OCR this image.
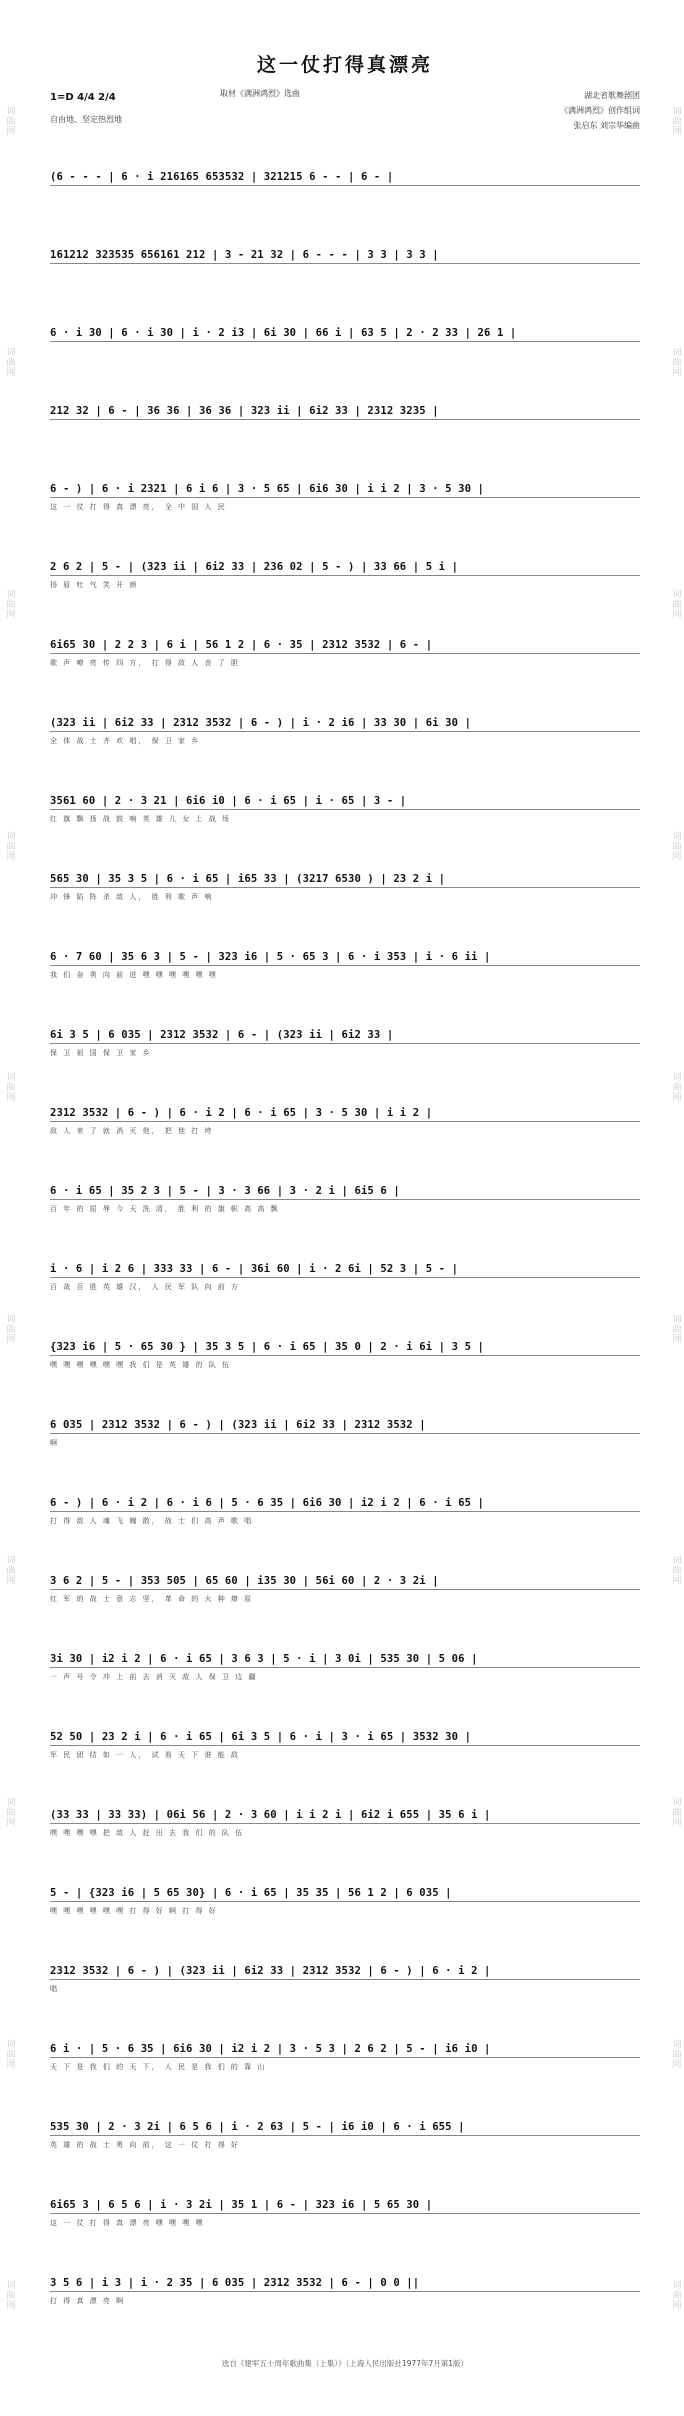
词曲网
词曲网
词曲网
词曲网
词曲网
词曲网
词曲网
词曲网
词曲网
词曲网
词曲网
词曲网
词曲网
词曲网
词曲网
词曲网
词曲网
词曲网
词曲网
词曲网
这一仗打得真漂亮
1=D 4/4 2/4	取材《满洲鸿烈》选曲	湖北省歌舞剧团
《满洲鸿烈》创作组词
张启东 刘宗华编曲
自由地、坚定热烈地
(6 - - - | 6 · i 216165 653532 | 321215 6 - - | 6 - |
161212 323535 656161 212 | 3 - 21 32 | 6 - - - | 3 3 | 3 3 |
6 · i 30 | 6 · i 30 | i · 2 i3 | 6i 30 | 66 i | 63 5 | 2 · 2 33 | 26 1 |
212 32 | 6 - | 36 36 | 36 36 | 323 ii | 6i2 33 | 2312 3235 |
6 - ) | 6 · i 2321 | 6 i 6 | 3 · 5 65 | 6i6 30 | i i 2 | 3 · 5 30 |
这 一 仗 打 得 真 漂 亮， 全 中 国 人 民
2 6 2 | 5 - | (323 ii | 6i2 33 | 236 02 | 5 - ) | 33 66 | 5 i |
扬 眉 吐 气 笑 开 颜
6i65 30 | 2 2 3 | 6 i | 56 1 2 | 6 · 35 | 2312 3532 | 6 - |
歌 声 嘹 亮 传 四 方， 打 得 敌 人 丧 了 胆
(323 ii | 6i2 33 | 2312 3532 | 6 - ) | i · 2 i6 | 33 30 | 6i 30 |
全 体 战 士 齐 欢 唱， 保 卫 家 乡
3561 60 | 2 · 3 21 | 6i6 i0 | 6 · i 65 | i · 65 | 3 - |
红 旗 飘 扬 战 鼓 响 英 雄 儿 女 上 战 场
565 30 | 35 3 5 | 6 · i 65 | i65 33 | (3217 6530 ) | 23 2 i |
冲 锋 陷 阵 杀 敌 人， 胜 利 歌 声 响
6 · 7 60 | 35 6 3 | 5 - | 323 i6 | 5 · 65 3 | 6 · i 353 | i · 6 ii |
我 们 奋 勇 向 前 进 嘿 嘿 嘿 嘿 嘿 嘿
6i 3 5 | 6 035 | 2312 3532 | 6 - | (323 ii | 6i2 33 |
保 卫 祖 国 保 卫 家 乡
2312 3532 | 6 - ) | 6 · i 2 | 6 · i 65 | 3 · 5 30 | i i 2 |
敌 人 来 了 就 消 灭 他， 把 他 打 垮
6 · i 65 | 35 2 3 | 5 - | 3 · 3 66 | 3 · 2 i | 6i5 6 |
百 年 的 屈 辱 今 天 洗 清， 胜 利 的 旗 帜 高 高 飘
i · 6 | i 2 6 | 333 33 | 6 - | 36i 60 | i · 2 6i | 52 3 | 5 - |
百 战 百 胜 英 雄 汉， 人 民 军 队 向 前 方
{323 i6 | 5 · 65 30 } | 35 3 5 | 6 · i 65 | 35 0 | 2 · i 6i | 3 5 |
嘿 嘿 嘿 嘿 嘿 嘿 我 们 是 英 雄 的 队 伍
6 035 | 2312 3532 | 6 - ) | (323 ii | 6i2 33 | 2312 3532 |
啊
6 - ) | 6 · i 2 | 6 · i 6 | 5 · 6 35 | 6i6 30 | i2 i 2 | 6 · i 65 |
打 得 敌 人 魂 飞 魄 散， 战 士 们 高 声 歌 唱
3 6 2 | 5 - | 353 505 | 65 60 | i35 30 | 56i 60 | 2 · 3 2i |
红 军 的 战 士 意 志 坚， 革 命 的 火 种 燎 原
3i 30 | i2 i 2 | 6 · i 65 | 3 6 3 | 5 · i | 3 0i | 535 30 | 5 06 |
一 声 号 令 冲 上 前 去 消 灭 敌 人 保 卫 边 疆
52 50 | 23 2 i | 6 · i 65 | 6i 3 5 | 6 · i | 3 · i 65 | 3532 30 |
军 民 团 结 如 一 人， 试 看 天 下 谁 能 敌
(33 33 | 33 33) | 06i 56 | 2 · 3 60 | i i 2 i | 6i2 i 655 | 35 6 i |
嘿 嘿 嘿 嘿 把 敌 人 赶 出 去 我 们 的 队 伍
5 - | {323 i6 | 5 65 30} | 6 · i 65 | 35 35 | 56 1 2 | 6 035 |
嘿 嘿 嘿 嘿 嘿 嘿 打 得 好 啊 打 得 好
2312 3532 | 6 - ) | (323 ii | 6i2 33 | 2312 3532 | 6 - ) | 6 · i 2 |
唱
6 i · | 5 · 6 35 | 6i6 30 | i2 i 2 | 3 · 5 3 | 2 6 2 | 5 - | i6 i0 |
天 下 是 我 们 的 天 下， 人 民 是 我 们 的 靠 山
535 30 | 2 · 3 2i | 6 5 6 | i · 2 63 | 5 - | i6 i0 | 6 · i 655 |
英 雄 的 战 士 勇 向 前， 这 一 仗 打 得 好
6i65 3 | 6 5 6 | i · 3 2i | 35 1 | 6 - | 323 i6 | 5 65 30 |
这 一 仗 打 得 真 漂 亮 嘿 嘿 嘿 嘿
3 5 6 | i 3 | i · 2 35 | 6 035 | 2312 3532 | 6 - | 0 0 ||
打 得 真 漂 亮 啊
选自《建军五十周年歌曲集（上集）》（上海人民出版社1977年7月第1版）
